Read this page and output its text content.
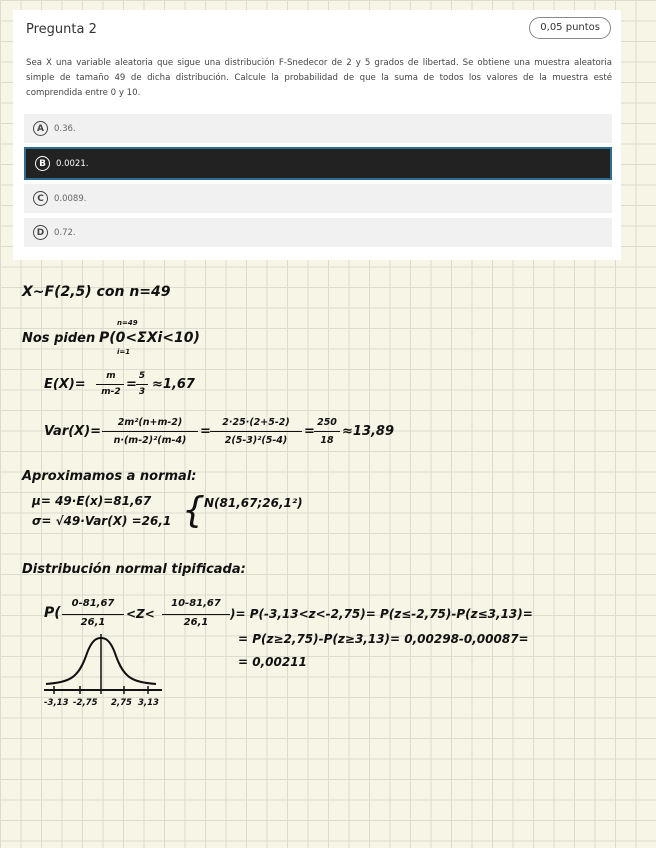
Pregunta 2	0,05 puntos
Sea X una variable aleatoria que sigue una distribución F-Snedecor de 2 y 5 grados de libertad. Se obtiene una muestra aleatoria simple de tamaño 49 de dicha distribución. Calcule la probabilidad de que la suma de todos los valores de la muestra esté comprendida entre 0 y 10.
A	0.36.
B	0.0021.
C	0.0089.
D	0.72.
X~F(2,5) con n=49
Nos piden
n=49
P(0<ΣXi<10)
i=1
E(X)=
m
m-2 =
5
3 ≈1,67
Var(X)=
2m²(n+m-2)
n·(m-2)²(m-4)
=
2·25·(2+5-2)
2(5-3)²(5-4)
=
250
18
≈13,89
Aproximamos a normal:
μ= 49·E(x)=81,67
σ= √49·Var(X) =26,1 { N(81,67;26,1²)
Distribución normal tipificada:
P(
0-81,67
26,1
<Z<
10-81,67
26,1
)= P(-3,13<z<-2,75)= P(z≤-2,75)-P(z≤3,13)=
= P(z≥2,75)-P(z≥3,13)= 0,00298-0,00087=
= 0,00211
-3,13 -2,75 2,75 3,13
